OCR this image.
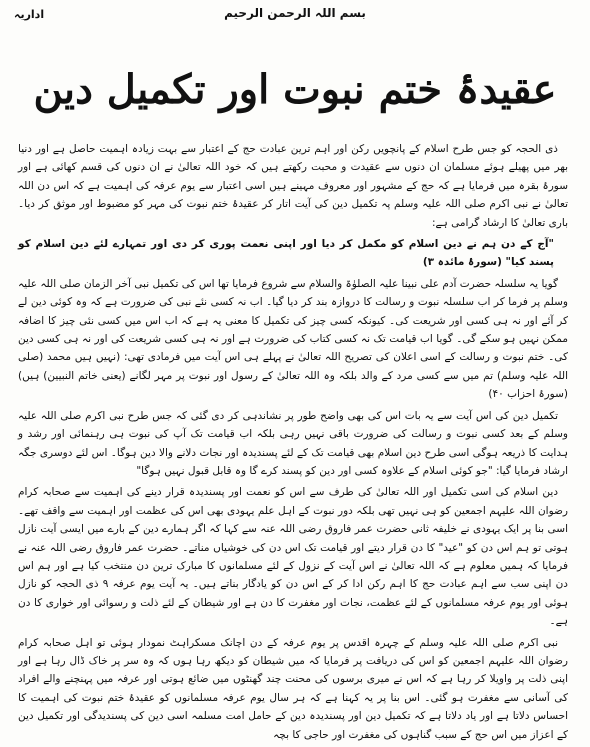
اداریہ	بسم اللہ الرحمن الرحیم
عقیدۂ ختم نبوت اور تکمیل دین

ذی الحجہ کو جس طرح اسلام کے پانچویں رکن اور اہم ترین عبادت حج کے اعتبار سے بہت زیادہ اہمیت حاصل ہے اور دنیا بھر میں پھیلے ہوئے مسلمان ان دنوں سے عقیدت و محبت رکھتے ہیں کہ خود اللہ تعالیٰ نے ان دنوں کی قسم کھائی ہے اور سورۂ بقرہ میں فرمایا ہے کہ حج کے مشہور اور معروف مہینے ہیں اسی اعتبار سے یوم عرفہ کی اہمیت ہے کہ اس دن اللہ تعالیٰ نے نبی اکرم صلی اللہ علیہ وسلم پہ تکمیل دین کی آیت اتار کر عقیدۂ ختم نبوت کی مہر کو مضبوط اور موثق کر دیا۔ باری تعالیٰ کا ارشاد گرامی ہے:

"آج کے دن ہم نے دین اسلام کو مکمل کر دیا اور اپنی نعمت پوری کر دی اور تمہارے لئے دین اسلام کو پسند کیا" (سورۂ مائدہ ۳)

گویا یہ سلسلہ حضرت آدم علی نبینا علیہ الصلوٰۃ والسلام سے شروع فرمایا تھا اس کی تکمیل نبی آخر الزمان صلی اللہ علیہ وسلم پر فرما کر اب سلسلہ نبوت و رسالت کا دروازہ بند کر دیا گیا۔ اب نہ کسی نئے نبی کی ضرورت ہے کہ وہ کوئی دین لے کر آئے اور نہ ہی کسی اور شریعت کی۔ کیونکہ کسی چیز کی تکمیل کا معنی یہ ہے کہ اب اس میں کسی نئی چیز کا اضافہ ممکن نہیں ہو سکے گی۔ گویا اب قیامت تک نہ کسی کتاب کی ضرورت ہے اور نہ ہی کسی شریعت کی اور نہ ہی کسی دین کی۔ ختم نبوت و رسالت کے اسی اعلان کی تصریح اللہ تعالیٰ نے پہلے ہی اس آیت میں فرمادی تھی: (نہیں ہیں محمد (صلی اللہ علیہ وسلم) تم میں سے کسی مرد کے والد بلکہ وہ اللہ تعالیٰ کے رسول اور نبوت پر مہر لگانے (یعنی خاتم النبیین) ہیں) (سورۂ احزاب ۴۰)

تکمیل دین کی اس آیت سے یہ بات اس کی بھی واضح طور پر نشاندہی کر دی گئی کہ جس طرح نبی اکرم صلی اللہ علیہ وسلم کے بعد کسی نبوت و رسالت کی ضرورت باقی نہیں رہی بلکہ اب قیامت تک آپ کی نبوت ہی رہنمائی اور رشد و ہدایت کا ذریعہ ہوگی اسی طرح دین اسلام بھی قیامت تک کے لئے پسندیدہ اور نجات دلانے والا دین ہوگا۔ اس لئے دوسری جگہ ارشاد فرمایا گیا: "جو کوئی اسلام کے علاوہ کسی اور دین کو پسند کرے گا وہ قابل قبول نہیں ہوگا"

دین اسلام کی اسی تکمیل اور اللہ تعالیٰ کی طرف سے اس کو نعمت اور پسندیدہ قرار دینے کی اہمیت سے صحابہ کرام رضوان اللہ علیہم اجمعین کو ہی نہیں تھی بلکہ دور نبوت کے اہل علم یہودی بھی اس کی عظمت اور اہمیت سے واقف تھے۔ اسی بنا پر ایک یہودی نے خلیفہ ثانی حضرت عمر فاروق رضی اللہ عنہ سے کہا کہ اگر ہمارے دین کے بارے میں ایسی آیت نازل ہوتی تو ہم اس دن کو "عید" کا دن قرار دیتے اور قیامت تک اس دن کی خوشیاں مناتے۔ حضرت عمر فاروق رضی اللہ عنہ نے فرمایا کہ ہمیں معلوم ہے کہ اللہ تعالیٰ نے اس آیت کے نزول کے لئے مسلمانوں کا مبارک ترین دن منتخب کیا ہے اور ہم اس دن اپنی سب سے اہم عبادت حج کا اہم رکن ادا کر کے اس دن کو یادگار بناتے ہیں۔ یہ آیت یوم عرفہ ۹ ذی الحجہ کو نازل ہوئی اور یوم عرفہ مسلمانوں کے لئے عظمت، نجات اور مغفرت کا دن ہے اور شیطان کے لئے ذلت و رسوائی اور خواری کا دن ہے۔

نبی اکرم صلی اللہ علیہ وسلم کے چہرہ اقدس پر یوم عرفہ کے دن اچانک مسکراہٹ نمودار ہوئی تو اہل صحابہ کرام رضوان اللہ علیہم اجمعین کو اس کی دریافت پر فرمایا کہ میں شیطان کو دیکھ رہا ہوں کہ وہ سر پر خاک ڈال رہا ہے اور اپنی ذلت پر واویلا کر رہا ہے کہ اس نے میری برسوں کی محنت چند گھنٹوں میں ضائع ہوتی اور عرفہ میں پہنچنے والے افراد کی آسانی سے مغفرت ہو گئی۔ اس بنا پر یہ کہنا ہے کہ ہر سال یوم عرفہ مسلمانوں کو عقیدۂ ختم نبوت کی اہمیت کا احساس دلاتا ہے اور یاد دلاتا ہے کہ تکمیل دین اور پسندیدہ دین کے حامل امت مسلمہ اسی دین کی پسندیدگی اور تکمیل دین کے اعزاز میں اس حج کے سبب گناہوں کی مغفرت اور حاجی کا بچہ
